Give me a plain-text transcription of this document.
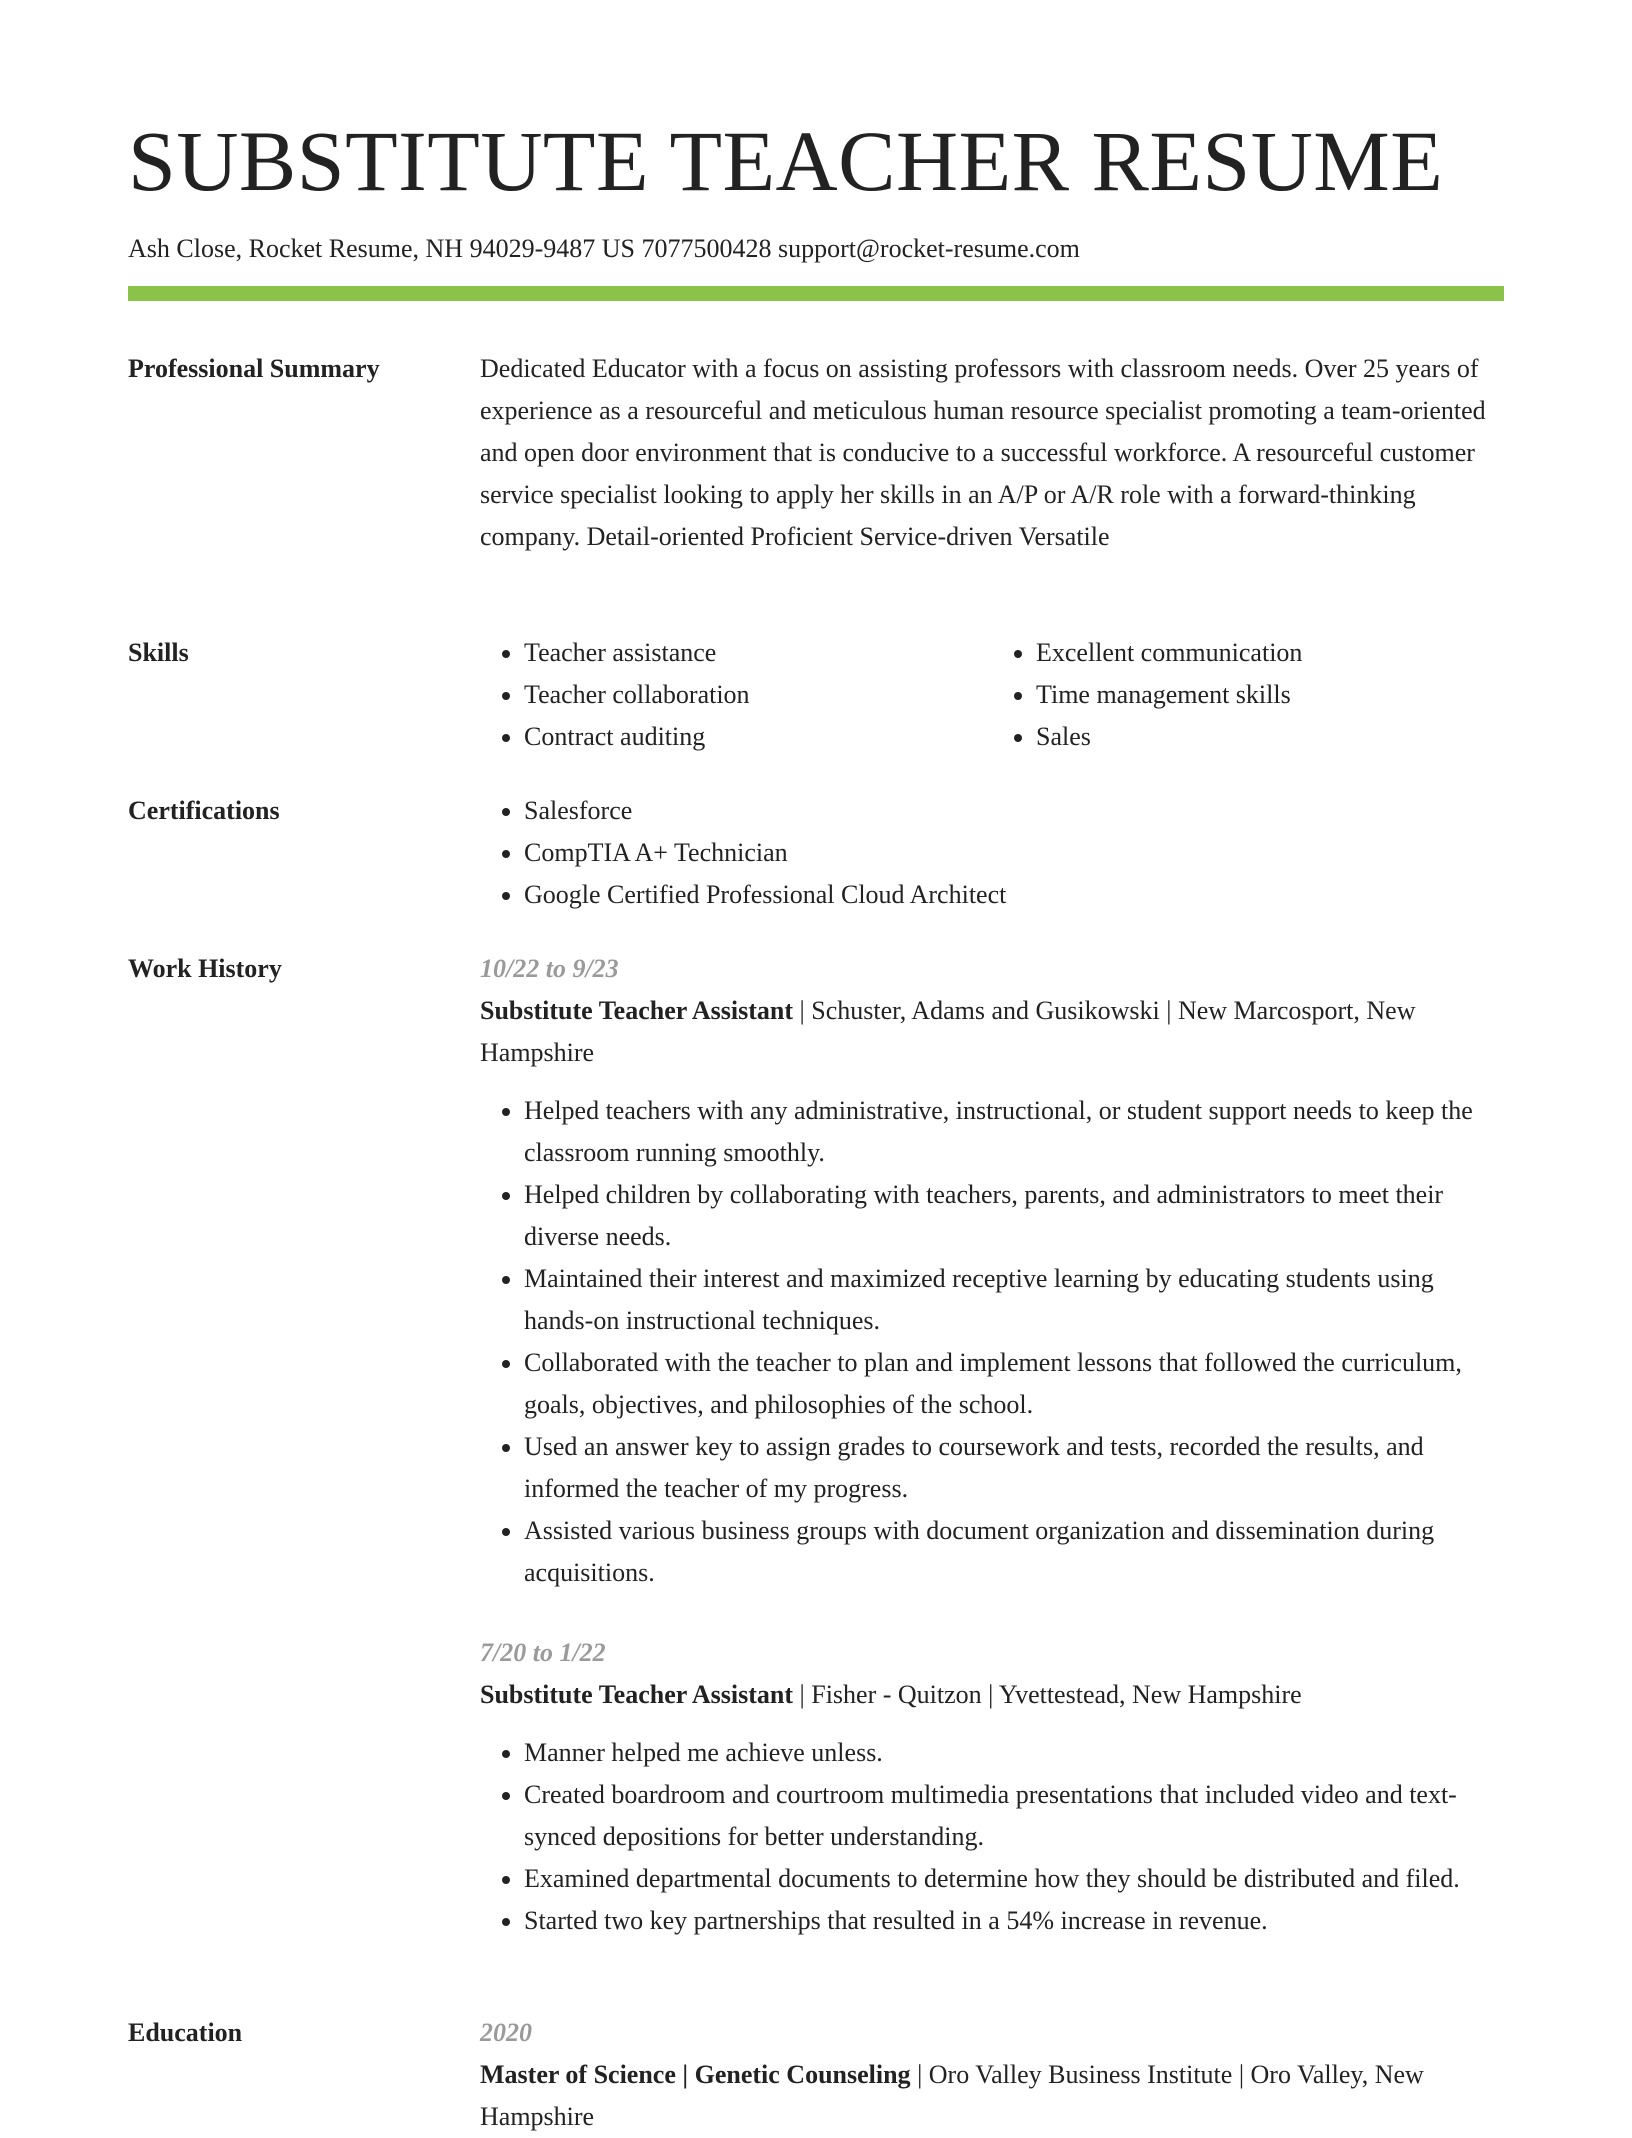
SUBSTITUTE TEACHER RESUME
Ash Close, Rocket Resume, NH 94029-9487 US 7077500428 support@rocket-resume.com
Professional Summary	Dedicated Educator with a focus on assisting professors with classroom needs. Over 25 years of experience as a resourceful and meticulous human resource specialist promoting a team-oriented and open door environment that is conducive to a successful workforce. A resourceful customer service specialist looking to apply her skills in an A/P or A/R role with a forward-thinking company. Detail-oriented Proficient Service-driven Versatile

Skills	• Teacher assistance
• Teacher collaboration
• Contract auditing
• Excellent communication
• Time management skills
• Sales
Certifications	• Salesforce
• CompTIA A+ Technician
• Google Certified Professional Cloud Architect
Work History	10/22 to 9/23

Substitute Teacher Assistant | Schuster, Adams and Gusikowski | New Marcosport, New Hampshire

• Helped teachers with any administrative, instructional, or student support needs to keep the classroom running smoothly.
• Helped children by collaborating with teachers, parents, and administrators to meet their diverse needs.
• Maintained their interest and maximized receptive learning by educating students using hands-on instructional techniques.
• Collaborated with the teacher to plan and implement lessons that followed the curriculum, goals, objectives, and philosophies of the school.
• Used an answer key to assign grades to coursework and tests, recorded the results, and informed the teacher of my progress.
• Assisted various business groups with document organization and dissemination during acquisitions.
7/20 to 1/22

Substitute Teacher Assistant | Fisher - Quitzon | Yvettestead, New Hampshire

• Manner helped me achieve unless.
• Created boardroom and courtroom multimedia presentations that included video and text-synced depositions for better understanding.
• Examined departmental documents to determine how they should be distributed and filed.
• Started two key partnerships that resulted in a 54% increase in revenue.
Education	2020

Master of Science | Genetic Counseling | Oro Valley Business Institute | Oro Valley, New Hampshire
